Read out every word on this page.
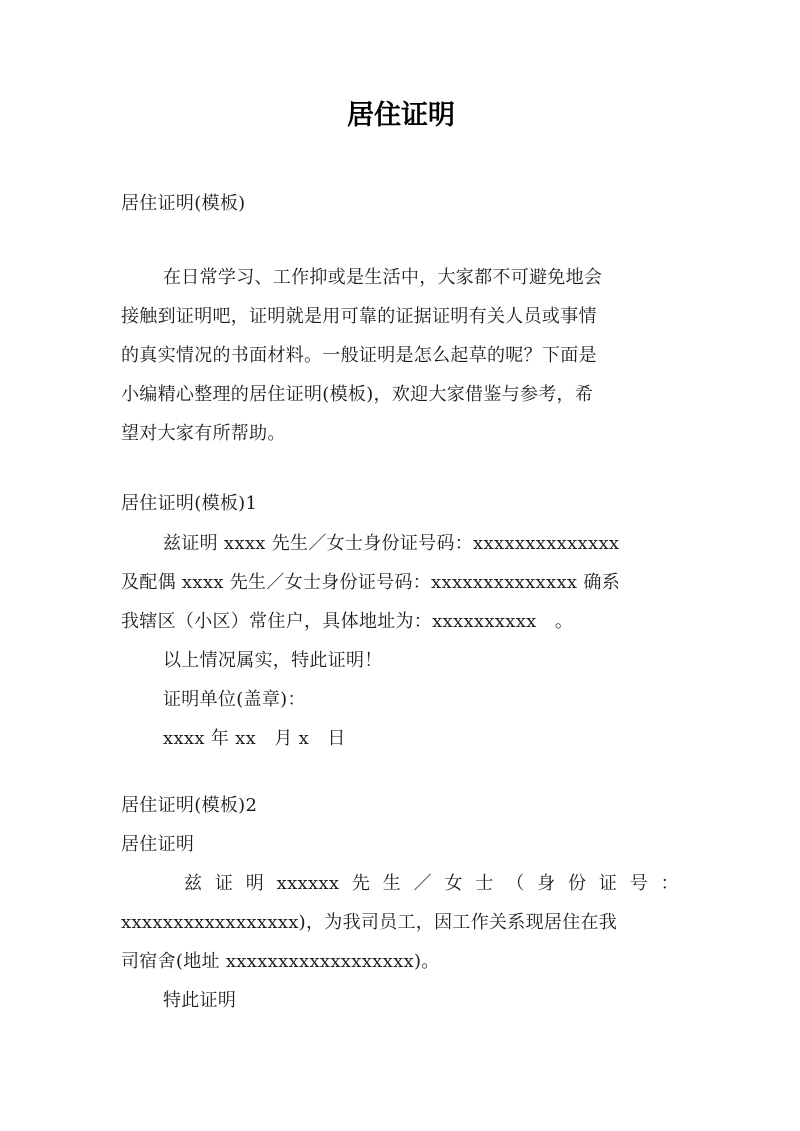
居住证明
居住证明(模板)
在日常学习、工作抑或是生活中，大家都不可避免地会
接触到证明吧，证明就是用可靠的证据证明有关人员或事情
的真实情况的书面材料。一般证明是怎么起草的呢？下面是
小编精心整理的居住证明(模板)，欢迎大家借鉴与参考，希
望对大家有所帮助。
居住证明(模板)1
兹证明 xxxx 先生／女士身份证号码：xxxxxxxxxxxxxx
及配偶 xxxx 先生／女士身份证号码：xxxxxxxxxxxxxx 确系
我辖区（小区）常住户，具体地址为：xxxxxxxxxx　。
以上情况属实，特此证明！
证明单位(盖章)：
xxxx 年 xx　月 x　日
居住证明(模板)2
居住证明
兹 证 明 xxxxxx 先 生 ／ 女 士 （ 身 份 证 号 ：
xxxxxxxxxxxxxxxxx)，为我司员工，因工作关系现居住在我
司宿舍(地址 xxxxxxxxxxxxxxxxxx)。
特此证明
